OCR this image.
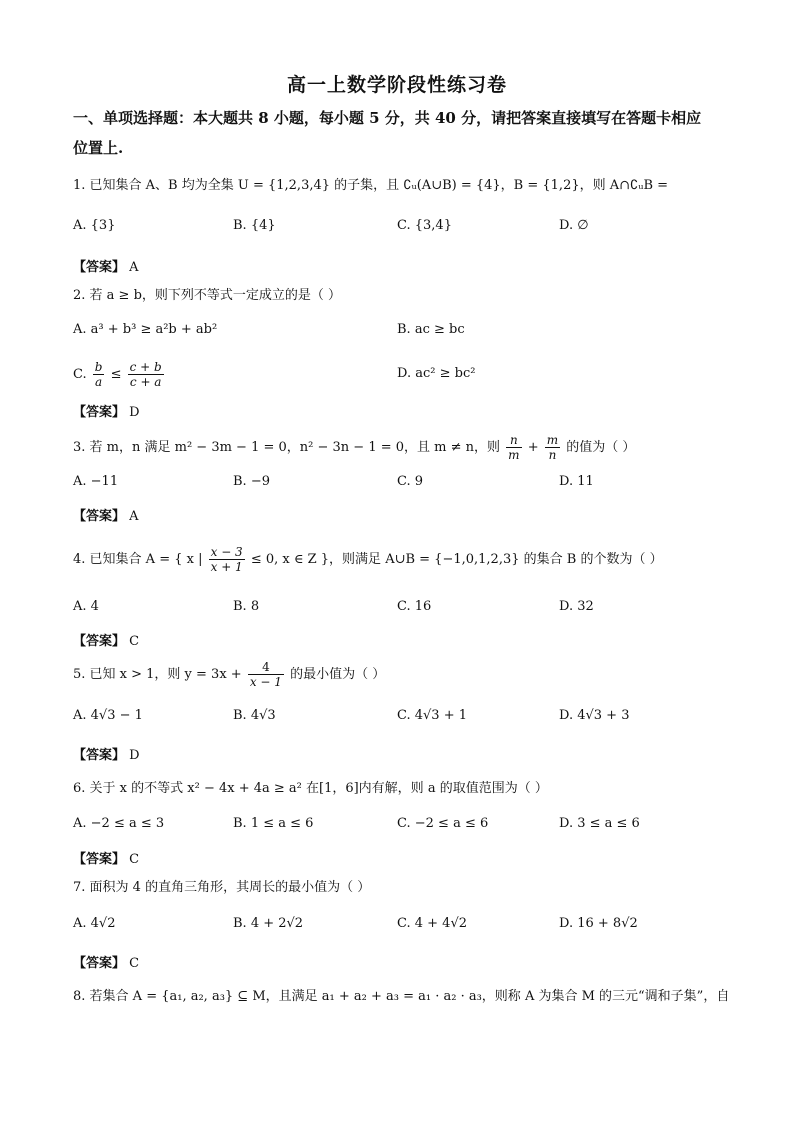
高一上数学阶段性练习卷
一、单项选择题：本大题共 8 小题，每小题 5 分，共 40 分，请把答案直接填写在答题卡相应
位置上.
1. 已知集合 A、B 均为全集 U = {1,2,3,4} 的子集，且 ∁ᵤ(A∪B) = {4}，B = {1,2}，则 A∩∁ᵤB =
A. {3}	B. {4}	C. {3,4}	D. ∅
【答案】 A
2. 若 a ≥ b，则下列不等式一定成立的是（ ）
A. a³ + b³ ≥ a²b + ab²	B. ac ≥ bc
C. $\frac{b}{a} \le \frac{c + b}{c + a}$	D. ac² ≥ bc²
【答案】 D
3. 若 m，n 满足 m² − 3m − 1 = 0，n² − 3n − 1 = 0，且 m ≠ n，则 $\frac{n}{m} + \frac{m}{n}$ 的值为（ ）
A. −11	B. −9	C. 9	D. 11
【答案】 A
4. 已知集合 A = { x | $\frac{x - 3}{x + 1} \le 0$, x ∈ Z }，则满足 A∪B = {−1,0,1,2,3} 的集合 B 的个数为（ ）
A. 4	B. 8	C. 16	D. 32
【答案】 C
5. 已知 x > 1，则 $y = 3x + \frac{4}{x - 1}$ 的最小值为（ ）
A. 4√3 − 1	B. 4√3	C. 4√3 + 1	D. 4√3 + 3
【答案】 D
6. 关于 x 的不等式 x² − 4x + 4a ≥ a² 在[1，6]内有解，则 a 的取值范围为（ ）
A. −2 ≤ a ≤ 3	B. 1 ≤ a ≤ 6	C. −2 ≤ a ≤ 6	D. 3 ≤ a ≤ 6
【答案】 C
7. 面积为 4 的直角三角形，其周长的最小值为（ ）
A. 4√2	B. 4 + 2√2	C. 4 + 4√2	D. 16 + 8√2
【答案】 C
8. 若集合 A = {a₁, a₂, a₃} ⊆ M，且满足 a₁ + a₂ + a₃ = a₁ · a₂ · a₃，则称 A 为集合 M 的三元“调和子集”，自
